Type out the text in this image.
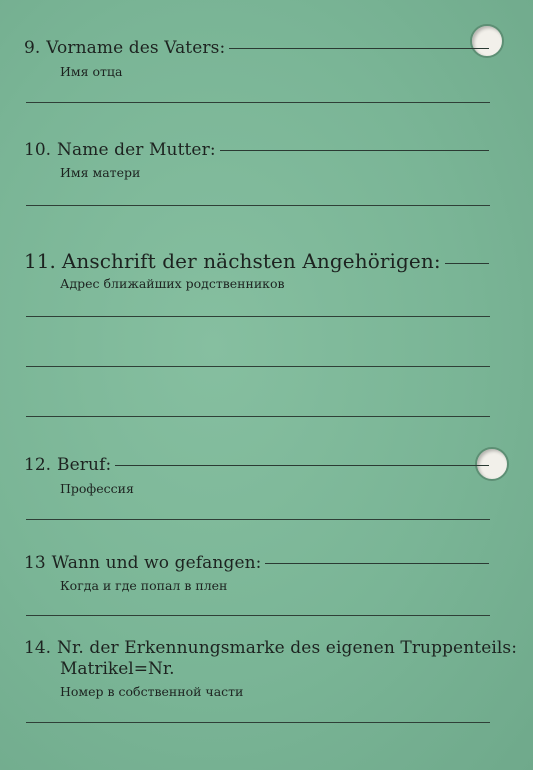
9. Vorname des Vaters:
Имя отца
10. Name der Mutter:
Имя матери
11. Anschrift der nächsten Angehörigen:
Адрес ближайших родственников
12. Beruf:
Профессия
13 Wann und wo gefangen:
Когда и где попал в плен
14. Nr. der Erkennungsmarke des eigenen Truppenteils:
Matrikel=Nr.
Номер в собственной части
